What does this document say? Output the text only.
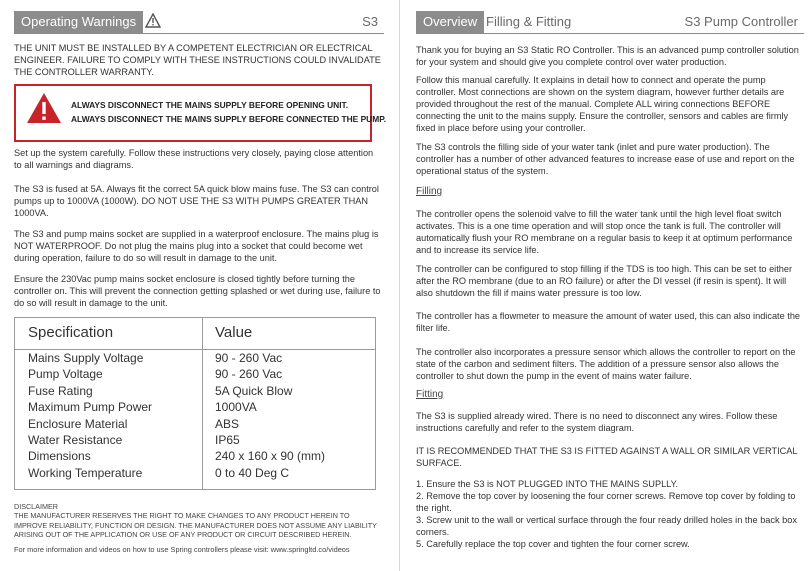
Operating Warnings	S3
THE UNIT MUST BE INSTALLED BY A COMPETENT ELECTRICIAN OR ELECTRICAL ENGINEER. FAILURE TO COMPLY WITH THESE INSTRUCTIONS COULD INVALIDATE THE CONTROLLER WARRANTY.
ALWAYS DISCONNECT THE MAINS SUPPLY BEFORE OPENING UNIT.
ALWAYS DISCONNECT THE MAINS SUPPLY BEFORE CONNECTED THE PUMP.
Set up the system carefully. Follow these instructions very closely, paying close attention to all warnings and diagrams.
The S3 is fused at 5A. Always fit the correct 5A quick blow mains fuse. The S3 can control pumps up to 1000VA (1000W). DO NOT USE THE S3 WITH PUMPS GREATER THAN 1000VA.
The S3 and pump mains socket are supplied in a waterproof enclosure. The mains plug is NOT WATERPROOF. Do not plug the mains plug into a socket that could become wet during operation, failure to do so will result in damage to the unit.
Ensure the 230Vac pump mains socket enclosure is closed tightly before turning the controller on. This will prevent the connection getting splashed or wet during use, failure to do so will result in damage to the unit.
Specification	Value
Mains Supply Voltage	90 - 260 Vac
Pump Voltage	90 - 260 Vac
Fuse Rating	5A Quick Blow
Maximum Pump Power	1000VA
Enclosure Material	ABS
Water Resistance	IP65
Dimensions	240 x 160 x 90 (mm)
Working Temperature	0 to 40 Deg C
DISCLAIMER
THE MANUFACTURER RESERVES THE RIGHT TO MAKE CHANGES TO ANY PRODUCT HEREIN TO IMPROVE RELIABILITY, FUNCTION OR DESIGN. THE MANUFACTURER DOES NOT ASSUME ANY LIABILITY ARISING OUT OF THE APPLICATION OR USE OF ANY PRODUCT OR CIRCUIT DESCRIBED HEREIN.
For more information and videos on how to use Spring controllers please visit: www.springltd.co/videos
Overview Filling & Fitting	S3 Pump Controller
Thank you for buying an S3 Static RO Controller. This is an advanced pump controller solution for your system and should give you complete control over water production.
Follow this manual carefully. It explains in detail how to connect and operate the pump controller. Most connections are shown on the system diagram, however further details are provided throughout the rest of the manual. Complete ALL wiring connections BEFORE connecting the unit to the mains supply. Ensure the controller, sensors and cables are firmly fixed in place before using your controller.
The S3 controls the filling side of your water tank (inlet and pure water production). The controller has a number of other advanced features to increase ease of use and report on the operational status of the system.
Filling
The controller opens the solenoid valve to fill the water tank until the high level float switch activates. This is a one time operation and will stop once the tank is full. The controller will automatically flush your RO membrane on a regular basis to keep it at optimum performance and to increase its service life.
The controller can be configured to stop filling if the TDS is too high. This can be set to either after the RO membrane (due to an RO failure) or after the DI vessel (if resin is spent). It will also shutdown the fill if mains water pressure is too low.
The controller has a flowmeter to measure the amount of water used, this can also indicate the filter life.
The controller also incorporates a pressure sensor which allows the controller to report on the state of the carbon and sediment filters. The addition of a pressure sensor also allows the controller to shut down the pump in the event of mains water failure.
Fitting
The S3 is supplied already wired. There is no need to disconnect any wires. Follow these instructions carefully and refer to the system diagram.
IT IS RECOMMENDED THAT THE S3 IS FITTED AGAINST A WALL OR SIMILAR VERTICAL SURFACE.
1. Ensure the S3 is NOT PLUGGED INTO THE MAINS SUPLLY.
2. Remove the top cover by loosening the four corner screws. Remove top cover by folding to the right.
3. Screw unit to the wall or vertical surface through the four ready drilled holes in the back box corners.
5. Carefully replace the top cover and tighten the four corner screw.
